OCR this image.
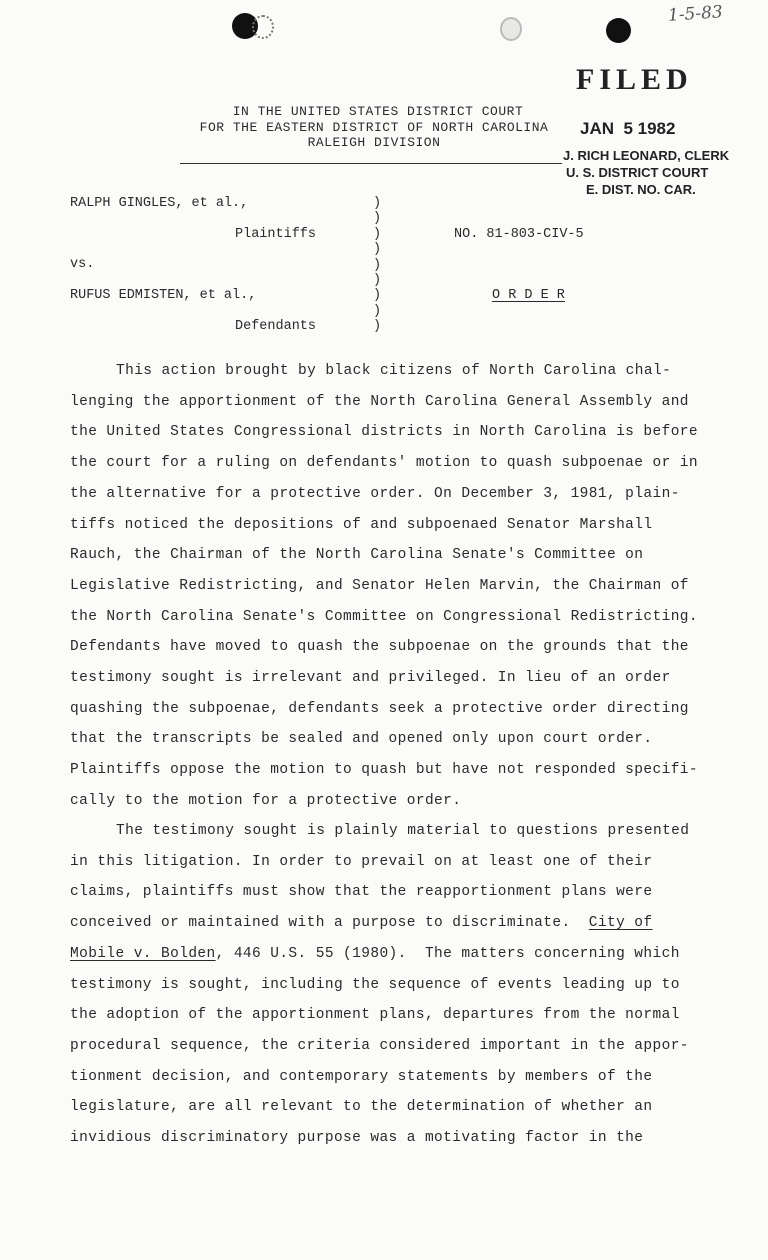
1-5-83
FILED
JAN  5 1982
J. RICH LEONARD, CLERK
U. S. DISTRICT COURT
E. DIST. NO. CAR.
IN THE UNITED STATES DISTRICT COURT
FOR THE EASTERN DISTRICT OF NORTH CAROLINA
RALEIGH DIVISION
RALPH GINGLES, et al.,
Plaintiffs
vs.
RUFUS EDMISTEN, et al.,
Defendants
)
)
)
)
)
)
)
)
)
NO. 81-803-CIV-5
O R D E R
This action brought by black citizens of North Carolina chal-
lenging the apportionment of the North Carolina General Assembly and
the United States Congressional districts in North Carolina is before
the court for a ruling on defendants' motion to quash subpoenae or in
the alternative for a protective order. On December 3, 1981, plain-
tiffs noticed the depositions of and subpoenaed Senator Marshall
Rauch, the Chairman of the North Carolina Senate's Committee on
Legislative Redistricting, and Senator Helen Marvin, the Chairman of
the North Carolina Senate's Committee on Congressional Redistricting.
Defendants have moved to quash the subpoenae on the grounds that the
testimony sought is irrelevant and privileged. In lieu of an order
quashing the subpoenae, defendants seek a protective order directing
that the transcripts be sealed and opened only upon court order.
Plaintiffs oppose the motion to quash but have not responded specifi-
cally to the motion for a protective order.
The testimony sought is plainly material to questions presented
in this litigation. In order to prevail on at least one of their
claims, plaintiffs must show that the reapportionment plans were
conceived or maintained with a purpose to discriminate.  City of
Mobile v. Bolden, 446 U.S. 55 (1980).  The matters concerning which
testimony is sought, including the sequence of events leading up to
the adoption of the apportionment plans, departures from the normal
procedural sequence, the criteria considered important in the appor-
tionment decision, and contemporary statements by members of the
legislature, are all relevant to the determination of whether an
invidious discriminatory purpose was a motivating factor in the
